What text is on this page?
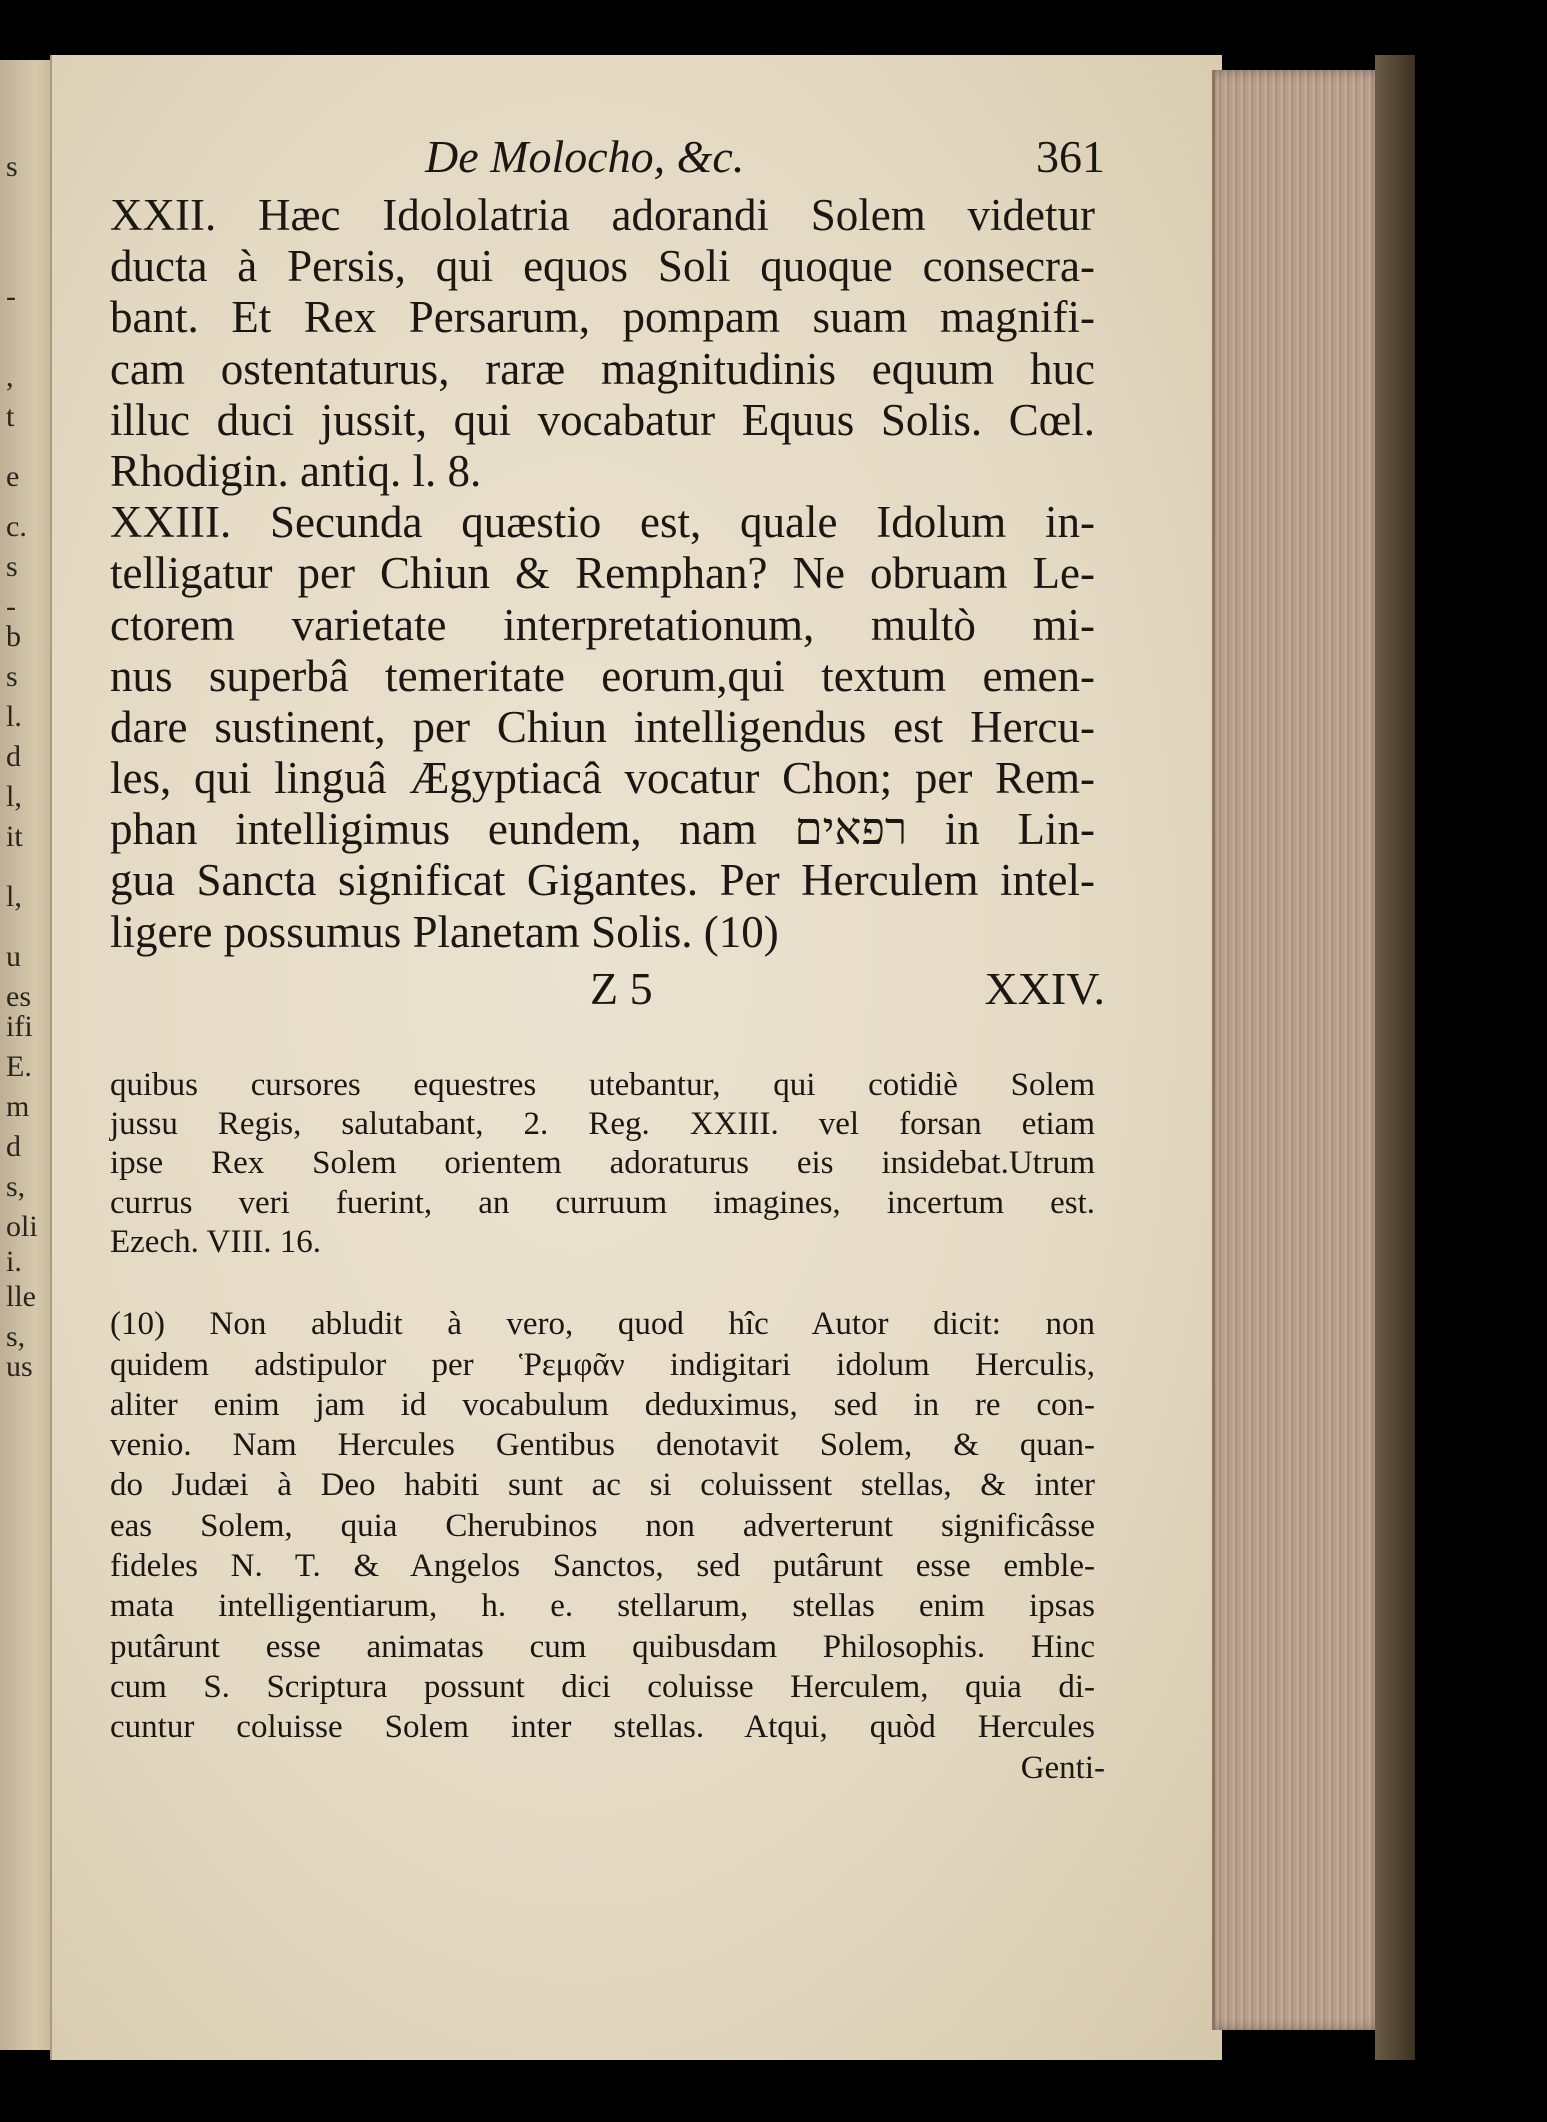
s
-
,
t
e
c.
s
-
b
s
l.
d
l,
it
l,
u
es
ifi
E.
m
d
s,
oli
i.
lle
s,
us
De Molocho, &c.	361
XXII. Hæc Idololatria adorandi Solem videtur
ducta à Persis, qui equos Soli quoque consecra-
bant. Et Rex Persarum, pompam suam magnifi-
cam ostentaturus, raræ magnitudinis equum huc
illuc duci jussit, qui vocabatur Equus Solis. Cœl.
Rhodigin. antiq. l. 8.
XXIII. Secunda quæstio est, quale Idolum in-
telligatur per Chiun & Remphan? Ne obruam Le-
ctorem varietate interpretationum, multò mi-
nus superbâ temeritate eorum,qui textum emen-
dare sustinent, per Chiun intelligendus est Hercu-
les, qui linguâ Ægyptiacâ vocatur Chon; per Rem-
phan intelligimus eundem, nam רפאים in Lin-
gua Sancta significat Gigantes. Per Herculem intel-
ligere possumus Planetam Solis. (10)
Z 5	XXIV.
quibus cursores equestres utebantur, qui cotidiè Solem
jussu Regis, salutabant, 2. Reg. XXIII. vel forsan etiam
ipse Rex Solem orientem adoraturus eis insidebat.Utrum
currus veri fuerint, an curruum imagines, incertum est.
Ezech. VIII. 16.
(10) Non abludit à vero, quod hîc Autor dicit: non
quidem adstipulor per Ῥεμφᾶν indigitari idolum Herculis,
aliter enim jam id vocabulum deduximus, sed in re con-
venio. Nam Hercules Gentibus denotavit Solem, & quan-
do Judæi à Deo habiti sunt ac si coluissent stellas, & inter
eas Solem, quia Cherubinos non adverterunt significâsse
fideles N. T. & Angelos Sanctos, sed putârunt esse emble-
mata intelligentiarum, h. e. stellarum, stellas enim ipsas
putârunt esse animatas cum quibusdam Philosophis. Hinc
cum S. Scriptura possunt dici coluisse Herculem, quia di-
cuntur coluisse Solem inter stellas. Atqui, quòd Hercules
Genti-
